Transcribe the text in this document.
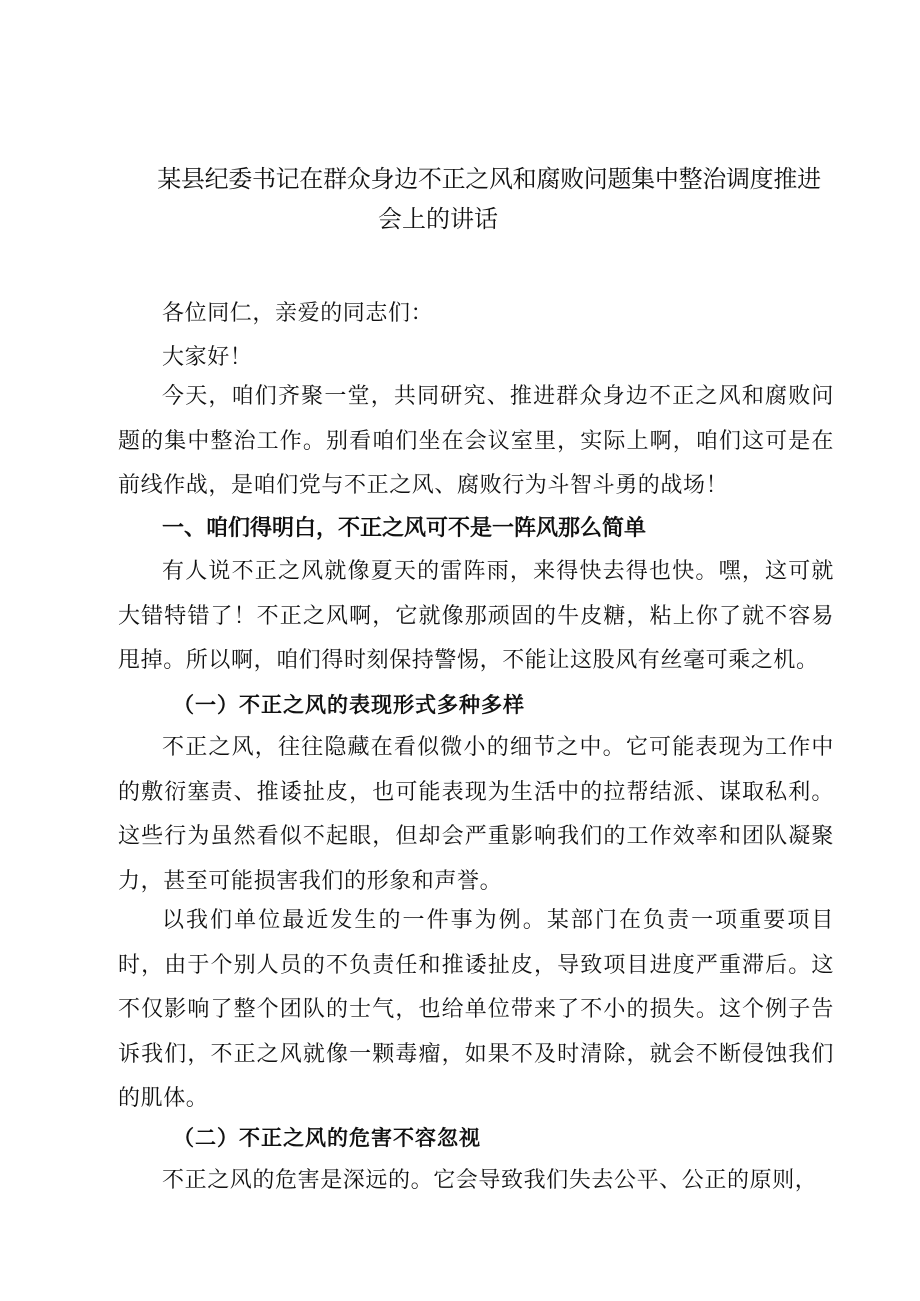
某县纪委书记在群众身边不正之风和腐败问题集中整治调度推进
会上的讲话

各位同仁，亲爱的同志们：

大家好！

今天，咱们齐聚一堂，共同研究、推进群众身边不正之风和腐败问题的集中整治工作。别看咱们坐在会议室里，实际上啊，咱们这可是在前线作战，是咱们党与不正之风、腐败行为斗智斗勇的战场！

一、咱们得明白，不正之风可不是一阵风那么简单

有人说不正之风就像夏天的雷阵雨，来得快去得也快。嘿，这可就大错特错了！不正之风啊，它就像那顽固的牛皮糖，粘上你了就不容易甩掉。所以啊，咱们得时刻保持警惕，不能让这股风有丝毫可乘之机。

（一）不正之风的表现形式多种多样

不正之风，往往隐藏在看似微小的细节之中。它可能表现为工作中的敷衍塞责、推诿扯皮，也可能表现为生活中的拉帮结派、谋取私利。这些行为虽然看似不起眼，但却会严重影响我们的工作效率和团队凝聚力，甚至可能损害我们的形象和声誉。

以我们单位最近发生的一件事为例。某部门在负责一项重要项目时，由于个别人员的不负责任和推诿扯皮，导致项目进度严重滞后。这不仅影响了整个团队的士气，也给单位带来了不小的损失。这个例子告诉我们，不正之风就像一颗毒瘤，如果不及时清除，就会不断侵蚀我们的肌体。

（二）不正之风的危害不容忽视

不正之风的危害是深远的。它会导致我们失去公平、公正的原则，
